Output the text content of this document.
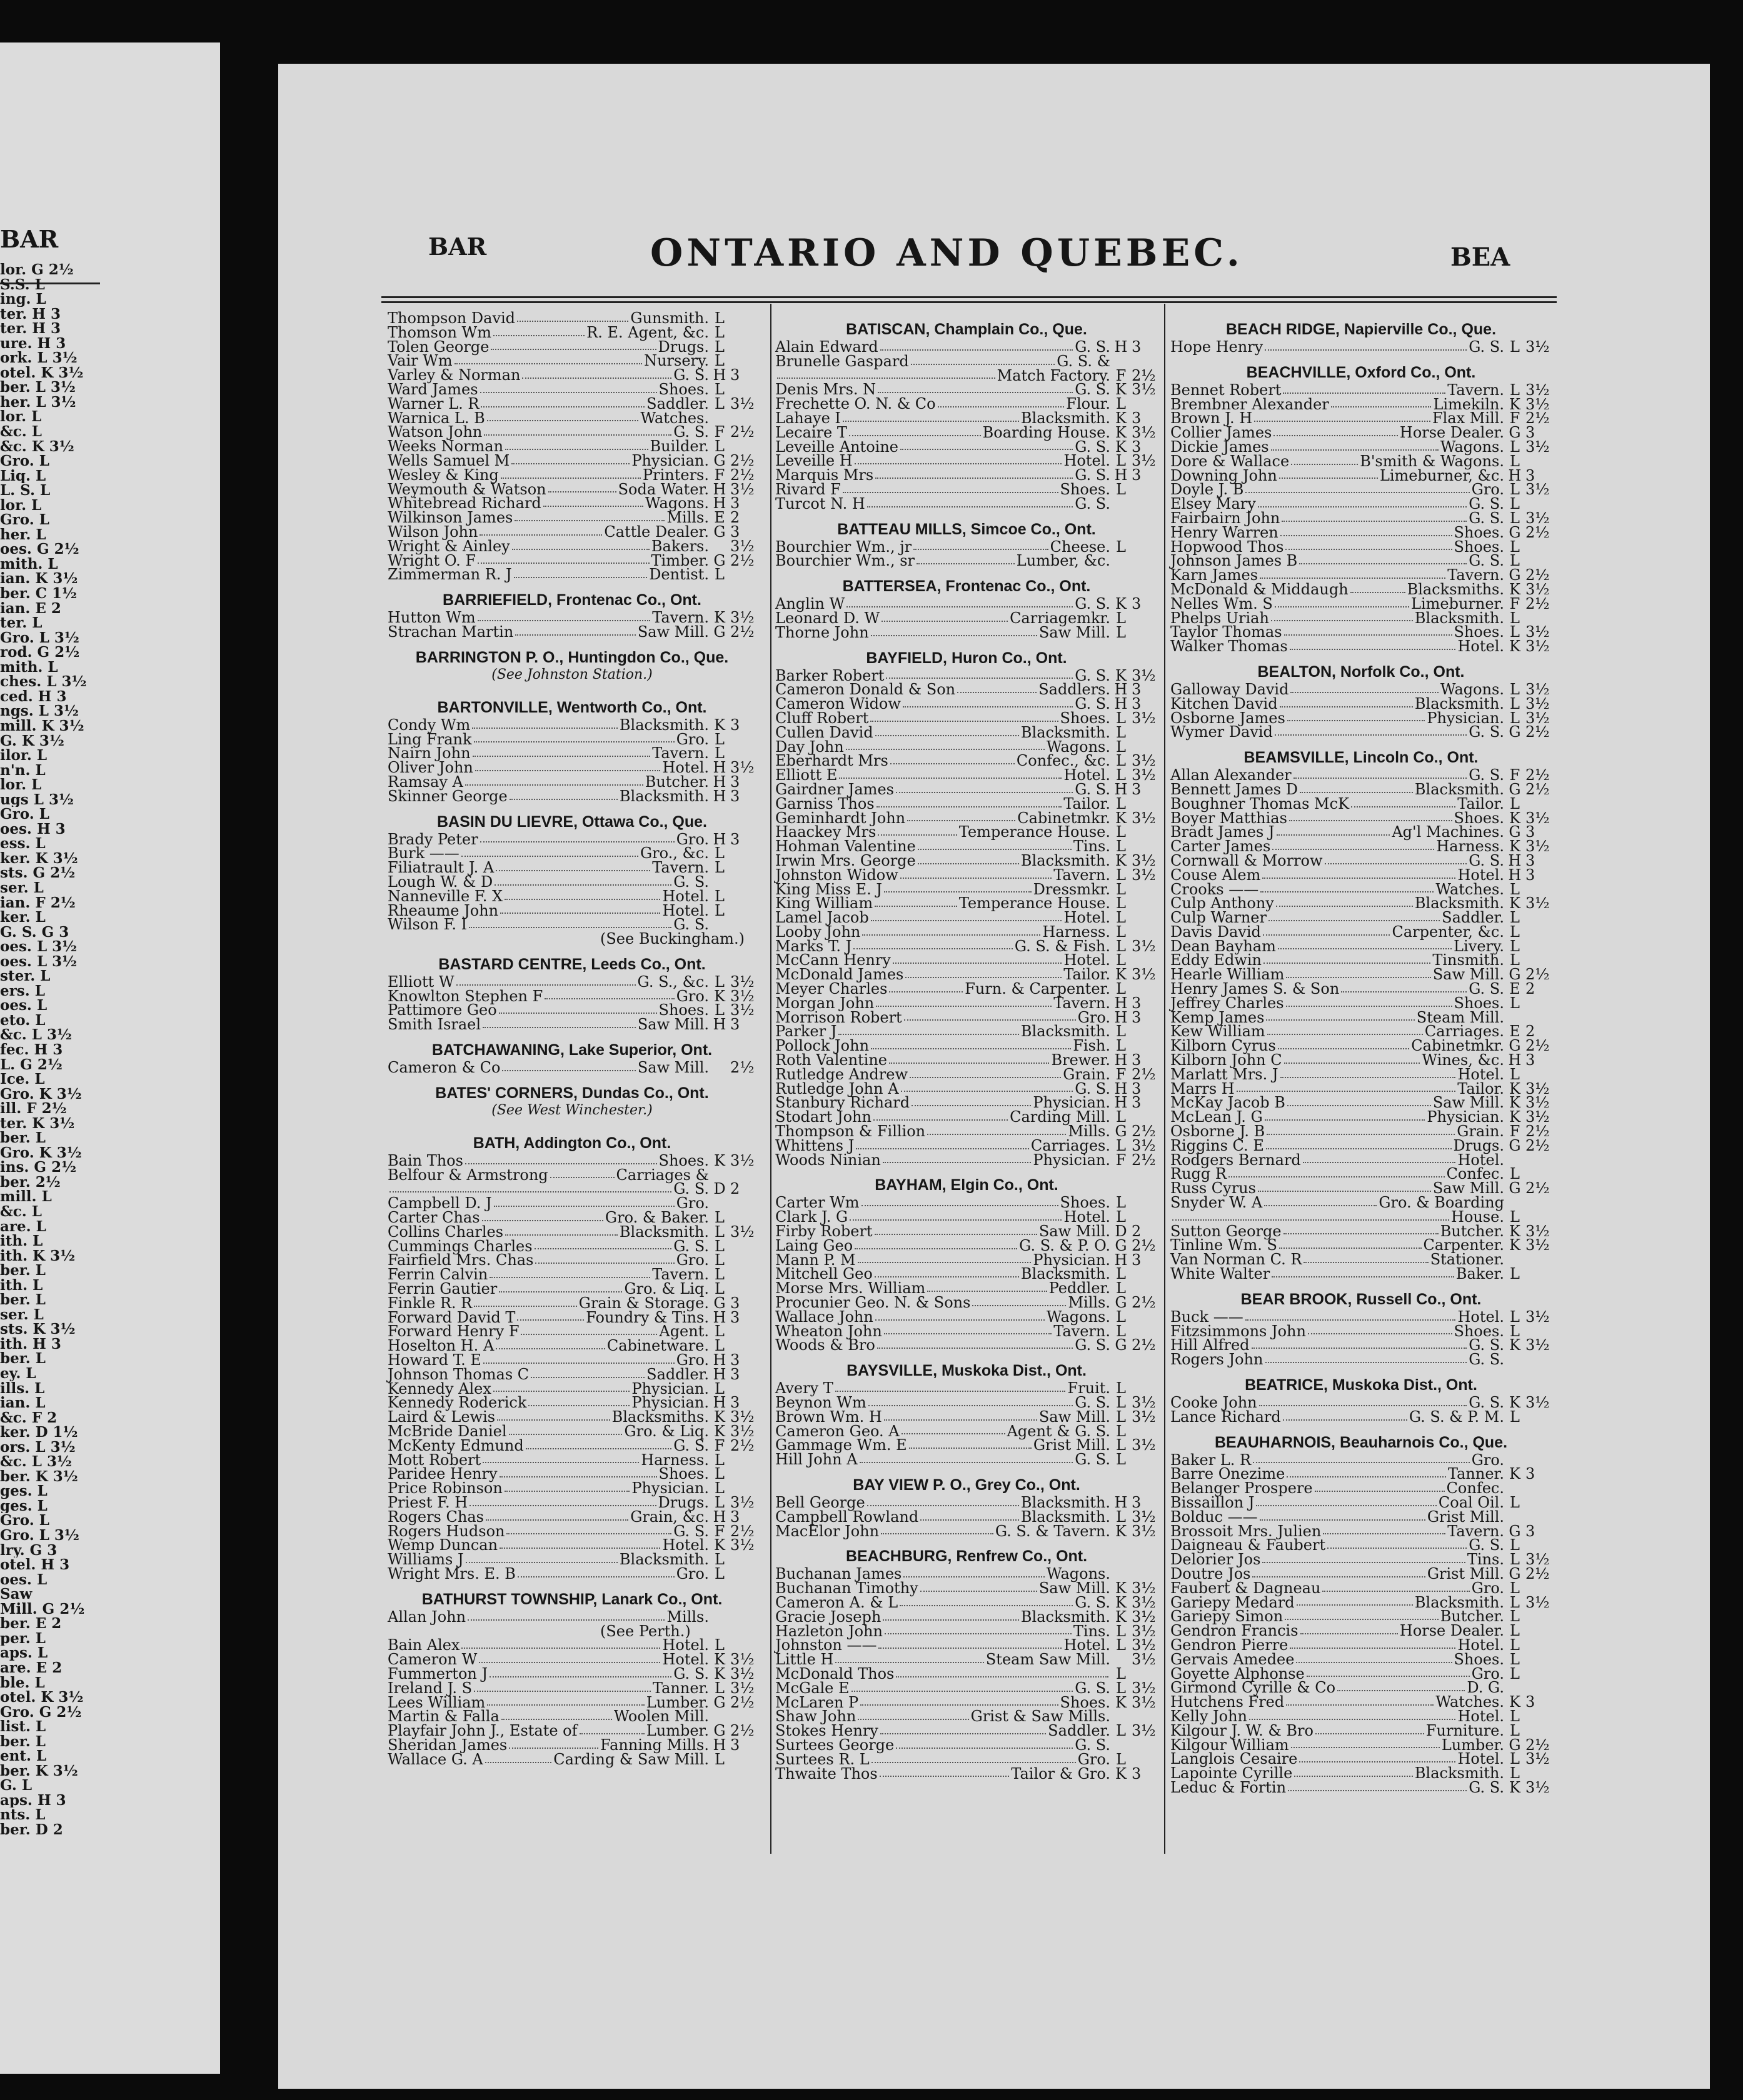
BAR
lor. G 2½
S.S. L
ing. L
ter. H 3
ter. H 3
ure. H 3
ork. L 3½
otel. K 3½
ber. L 3½
her. L 3½
lor. L
&c. L
&c. K 3½
Gro. L
Liq. L
L. S. L
lor. L
Gro. L
her. L
oes. G 2½
mith. L
ian. K 3½
ber. C 1½
ian. E 2
ter. L
Gro. L 3½
rod. G 2½
mith. L
ches. L 3½
ced. H 3
ngs. L 3½
mill. K 3½
G. K 3½
ilor. L
n'n. L
lor. L
ugs L 3½
Gro. L
oes. H 3
ess. L
ker. K 3½
sts. G 2½
ser. L
ian. F 2½
ker. L
G. S. G 3
oes. L 3½
oes. L 3½
ster. L
ers. L
oes. L
eto. L
&c. L 3½
fec. H 3
L. G 2½
Ice. L
Gro. K 3½
ill. F 2½
ter. K 3½
ber. L
Gro. K 3½
ins. G 2½
ber. 2½
mill. L
&c. L
are. L
ith. L
ith. K 3½
ber. L
ith. L
ber. L
ser. L
sts. K 3½
ith. H 3
ber. L
ey. L
ills. L
ian. L
&c. F 2
ker. D 1½
ors. L 3½
&c. L 3½
ber. K 3½
ges. L
ges. L
Gro. L
Gro. L 3½
lry. G 3
otel. H 3
oes. L
Saw
Mill. G 2½
ber. E 2
per. L
aps. L
are. E 2
ble. L
otel. K 3½
Gro. G 2½
list. L
ber. L
ent. L
ber. K 3½
G. L
aps. H 3
nts. L
ber. D 2
BAR	ONTARIO AND QUEBEC.	BEA
Thompson David	Gunsmith. L
Thomson Wm	R. E. Agent, &c. L
Tolen George	Drugs. L
Vair Wm	Nursery. L
Varley & Norman	G. S. H 3
Ward James	Shoes. L
Warner L. R	Saddler. L 3½
Warnica L. B	Watches.
Watson John	G. S. F 2½
Weeks Norman	Builder. L
Wells Samuel M	Physician. G 2½
Wesley & King	Printers. F 2½
Weymouth & Watson	Soda Water. H 3½
Whitebread Richard	Wagons. H 3
Wilkinson James	Mills. E 2
Wilson John	Cattle Dealer. G 3
Wright & Ainley	Bakers. 3½
Wright O. F	Timber. G 2½
Zimmerman R. J	Dentist. L
BARRIEFIELD, Frontenac Co., Ont.
Hutton Wm	Tavern. K 3½
Strachan Martin	Saw Mill. G 2½
BARRINGTON P. O., Huntingdon Co., Que.
(See Johnston Station.)
BARTONVILLE, Wentworth Co., Ont.
Condy Wm	Blacksmith. K 3
Ling Frank	Gro. L
Nairn John	Tavern. L
Oliver John	Hotel. H 3½
Ramsay A	Butcher. H 3
Skinner George	Blacksmith. H 3
BASIN DU LIEVRE, Ottawa Co., Que.
Brady Peter	Gro. H 3
Burk ——	Gro., &c. L
Filiatrault J. A	Tavern. L
Lough W. & D	G. S.
Nanneville F. X	Hotel. L
Rheaume John	Hotel. L
Wilson F. I	G. S.
(See Buckingham.)
BASTARD CENTRE, Leeds Co., Ont.
Elliott W	G. S., &c. L 3½
Knowlton Stephen F	Gro. K 3½
Pattimore Geo	Shoes. L 3½
Smith Israel	Saw Mill. H 3
BATCHAWANING, Lake Superior, Ont.
Cameron & Co	Saw Mill. 2½
BATES' CORNERS, Dundas Co., Ont.
(See West Winchester.)
BATH, Addington Co., Ont.
Bain Thos	Shoes. K 3½
Belfour & Armstrong	Carriages &
G. S. D 2
Campbell D. J	Gro.
Carter Chas	Gro. & Baker. L
Collins Charles	Blacksmith. L 3½
Cummings Charles	G. S. L
Fairfield Mrs. Chas	Gro. L
Ferrin Calvin	Tavern. L
Ferrin Gautier	Gro. & Liq. L
Finkle R. R	Grain & Storage. G 3
Forward David T	Foundry & Tins. H 3
Forward Henry F	Agent. L
Hoselton H. A	Cabinetware. L
Howard T. E	Gro. H 3
Johnson Thomas C	Saddler. H 3
Kennedy Alex	Physician. L
Kennedy Roderick	Physician. H 3
Laird & Lewis	Blacksmiths. K 3½
McBride Daniel	Gro. & Liq. K 3½
McKenty Edmund	G. S. F 2½
Mott Robert	Harness. L
Paridee Henry	Shoes. L
Price Robinson	Physician. L
Priest F. H	Drugs. L 3½
Rogers Chas	Grain, &c. H 3
Rogers Hudson	G. S. F 2½
Wemp Duncan	Hotel. K 3½
Williams J	Blacksmith. L
Wright Mrs. E. B	Gro. L
BATHURST TOWNSHIP, Lanark Co., Ont.
Allan John	Mills.
(See Perth.)
Bain Alex	Hotel. L
Cameron W	Hotel. K 3½
Fummerton J	G. S. K 3½
Ireland J. S	Tanner. L 3½
Lees William	Lumber. G 2½
Martin & Falla	Woolen Mill.
Playfair John J., Estate of	Lumber. G 2½
Sheridan James	Fanning Mills. H 3
Wallace G. A	Carding & Saw Mill. L
BATISCAN, Champlain Co., Que.
Alain Edward	G. S. H 3
Brunelle Gaspard	G. S. &
Match Factory. F 2½
Denis Mrs. N	G. S. K 3½
Frechette O. N. & Co	Flour. L
Lahaye I	Blacksmith. K 3
Lecaire T	Boarding House. K 3½
Leveille Antoine	G. S. K 3
Leveille H	Hotel. L 3½
Marquis Mrs	G. S. H 3
Rivard F	Shoes. L
Turcot N. H	G. S.
BATTEAU MILLS, Simcoe Co., Ont.
Bourchier Wm., jr	Cheese. L
Bourchier Wm., sr	Lumber, &c.
BATTERSEA, Frontenac Co., Ont.
Anglin W	G. S. K 3
Leonard D. W	Carriagemkr. L
Thorne John	Saw Mill. L
BAYFIELD, Huron Co., Ont.
Barker Robert	G. S. K 3½
Cameron Donald & Son	Saddlers. H 3
Cameron Widow	G. S. H 3
Cluff Robert	Shoes. L 3½
Cullen David	Blacksmith. L
Day John	Wagons. L
Eberhardt Mrs	Confec., &c. L 3½
Elliott E	Hotel. L 3½
Gairdner James	G. S. H 3
Garniss Thos	Tailor. L
Geminhardt John	Cabinetmkr. K 3½
Haackey Mrs	Temperance House. L
Hohman Valentine	Tins. L
Irwin Mrs. George	Blacksmith. K 3½
Johnston Widow	Tavern. L 3½
King Miss E. J	Dressmkr. L
King William	Temperance House. L
Lamel Jacob	Hotel. L
Looby John	Harness. L
Marks T. J	G. S. & Fish. L 3½
McCann Henry	Hotel. L
McDonald James	Tailor. K 3½
Meyer Charles	Furn. & Carpenter. L
Morgan John	Tavern. H 3
Morrison Robert	Gro. H 3
Parker J	Blacksmith. L
Pollock John	Fish. L
Roth Valentine	Brewer. H 3
Rutledge Andrew	Grain. F 2½
Rutledge John A	G. S. H 3
Stanbury Richard	Physician. H 3
Stodart John	Carding Mill. L
Thompson & Fillion	Mills. G 2½
Whittens J	Carriages. L 3½
Woods Ninian	Physician. F 2½
BAYHAM, Elgin Co., Ont.
Carter Wm	Shoes. L
Clark J. G	Hotel. L
Firby Robert	Saw Mill. D 2
Laing Geo	G. S. & P. O. G 2½
Mann P. M	Physician. H 3
Mitchell Geo	Blacksmith. L
Morse Mrs. William	Peddler. L
Procunier Geo. N. & Sons	Mills. G 2½
Wallace John	Wagons. L
Wheaton John	Tavern. L
Woods & Bro	G. S. G 2½
BAYSVILLE, Muskoka Dist., Ont.
Avery T	Fruit. L
Beynon Wm	G. S. L 3½
Brown Wm. H	Saw Mill. L 3½
Cameron Geo. A	Agent & G. S. L
Gammage Wm. E	Grist Mill. L 3½
Hill John A	G. S. L
BAY VIEW P. O., Grey Co., Ont.
Bell George	Blacksmith. H 3
Campbell Rowland	Blacksmith. L 3½
MacElor John	G. S. & Tavern. K 3½
BEACHBURG, Renfrew Co., Ont.
Buchanan James	Wagons.
Buchanan Timothy	Saw Mill. K 3½
Cameron A. & L	G. S. K 3½
Gracie Joseph	Blacksmith. K 3½
Hazleton John	Tins. L 3½
Johnston ——	Hotel. L 3½
Little H	Steam Saw Mill. 3½
McDonald Thos	L
McGale E	G. S. L 3½
McLaren P	Shoes. K 3½
Shaw John	Grist & Saw Mills.
Stokes Henry	Saddler. L 3½
Surtees George	G. S.
Surtees R. L	Gro. L
Thwaite Thos	Tailor & Gro. K 3
BEACH RIDGE, Napierville Co., Que.
Hope Henry	G. S. L 3½
BEACHVILLE, Oxford Co., Ont.
Bennet Robert	Tavern. L 3½
Brembner Alexander	Limekiln. K 3½
Brown J. H	Flax Mill. F 2½
Collier James	Horse Dealer. G 3
Dickie James	Wagons. L 3½
Dore & Wallace	B'smith & Wagons. L
Downing John	Limeburner, &c. H 3
Doyle J. B	Gro. L 3½
Elsey Mary	G. S. L
Fairbairn John	G. S. L 3½
Henry Warren	Shoes. G 2½
Hopwood Thos	Shoes. L
Johnson James B	G. S. L
Karn James	Tavern. G 2½
McDonald & Middaugh	Blacksmiths. K 3½
Nelles Wm. S	Limeburner. F 2½
Phelps Uriah	Blacksmith. L
Taylor Thomas	Shoes. L 3½
Walker Thomas	Hotel. K 3½
BEALTON, Norfolk Co., Ont.
Galloway David	Wagons. L 3½
Kitchen David	Blacksmith. L 3½
Osborne James	Physician. L 3½
Wymer David	G. S. G 2½
BEAMSVILLE, Lincoln Co., Ont.
Allan Alexander	G. S. F 2½
Bennett James D	Blacksmith. G 2½
Boughner Thomas McK	Tailor. L
Boyer Matthias	Shoes. K 3½
Bradt James J	Ag'l Machines. G 3
Carter James	Harness. K 3½
Cornwall & Morrow	G. S. H 3
Couse Alem	Hotel. H 3
Crooks ——	Watches. L
Culp Anthony	Blacksmith. K 3½
Culp Warner	Saddler. L
Davis David	Carpenter, &c. L
Dean Bayham	Livery. L
Eddy Edwin	Tinsmith. L
Hearle William	Saw Mill. G 2½
Henry James S. & Son	G. S. E 2
Jeffrey Charles	Shoes. L
Kemp James	Steam Mill.
Kew William	Carriages. E 2
Kilborn Cyrus	Cabinetmkr. G 2½
Kilborn John C	Wines, &c. H 3
Marlatt Mrs. J	Hotel. L
Marrs H	Tailor. K 3½
McKay Jacob B	Saw Mill. K 3½
McLean J. G	Physician. K 3½
Osborne J. B	Grain. F 2½
Riggins C. E	Drugs. G 2½
Rodgers Bernard	Hotel.
Rugg R	Confec. L
Russ Cyrus	Saw Mill. G 2½
Snyder W. A	Gro. & Boarding
House. L
Sutton George	Butcher. K 3½
Tinline Wm. S	Carpenter. K 3½
Van Norman C. R	Stationer.
White Walter	Baker. L
BEAR BROOK, Russell Co., Ont.
Buck ——	Hotel. L 3½
Fitzsimmons John	Shoes. L
Hill Alfred	G. S. K 3½
Rogers John	G. S.
BEATRICE, Muskoka Dist., Ont.
Cooke John	G. S. K 3½
Lance Richard	G. S. & P. M. L
BEAUHARNOIS, Beauharnois Co., Que.
Baker L. R	Gro.
Barre Onezime	Tanner. K 3
Belanger Prospere	Confec.
Bissaillon J	Coal Oil. L
Bolduc ——	Grist Mill.
Brossoit Mrs. Julien	Tavern. G 3
Daigneau & Faubert	G. S. L
Delorier Jos	Tins. L 3½
Doutre Jos	Grist Mill. G 2½
Faubert & Dagneau	Gro. L
Gariepy Medard	Blacksmith. L 3½
Gariepy Simon	Butcher. L
Gendron Francis	Horse Dealer. L
Gendron Pierre	Hotel. L
Gervais Amedee	Shoes. L
Goyette Alphonse	Gro. L
Girmond Cyrille & Co	D. G.
Hutchens Fred	Watches. K 3
Kelly John	Hotel. L
Kilgour J. W. & Bro	Furniture. L
Kilgour William	Lumber. G 2½
Langlois Cesaire	Hotel. L 3½
Lapointe Cyrille	Blacksmith. L
Leduc & Fortin	G. S. K 3½
